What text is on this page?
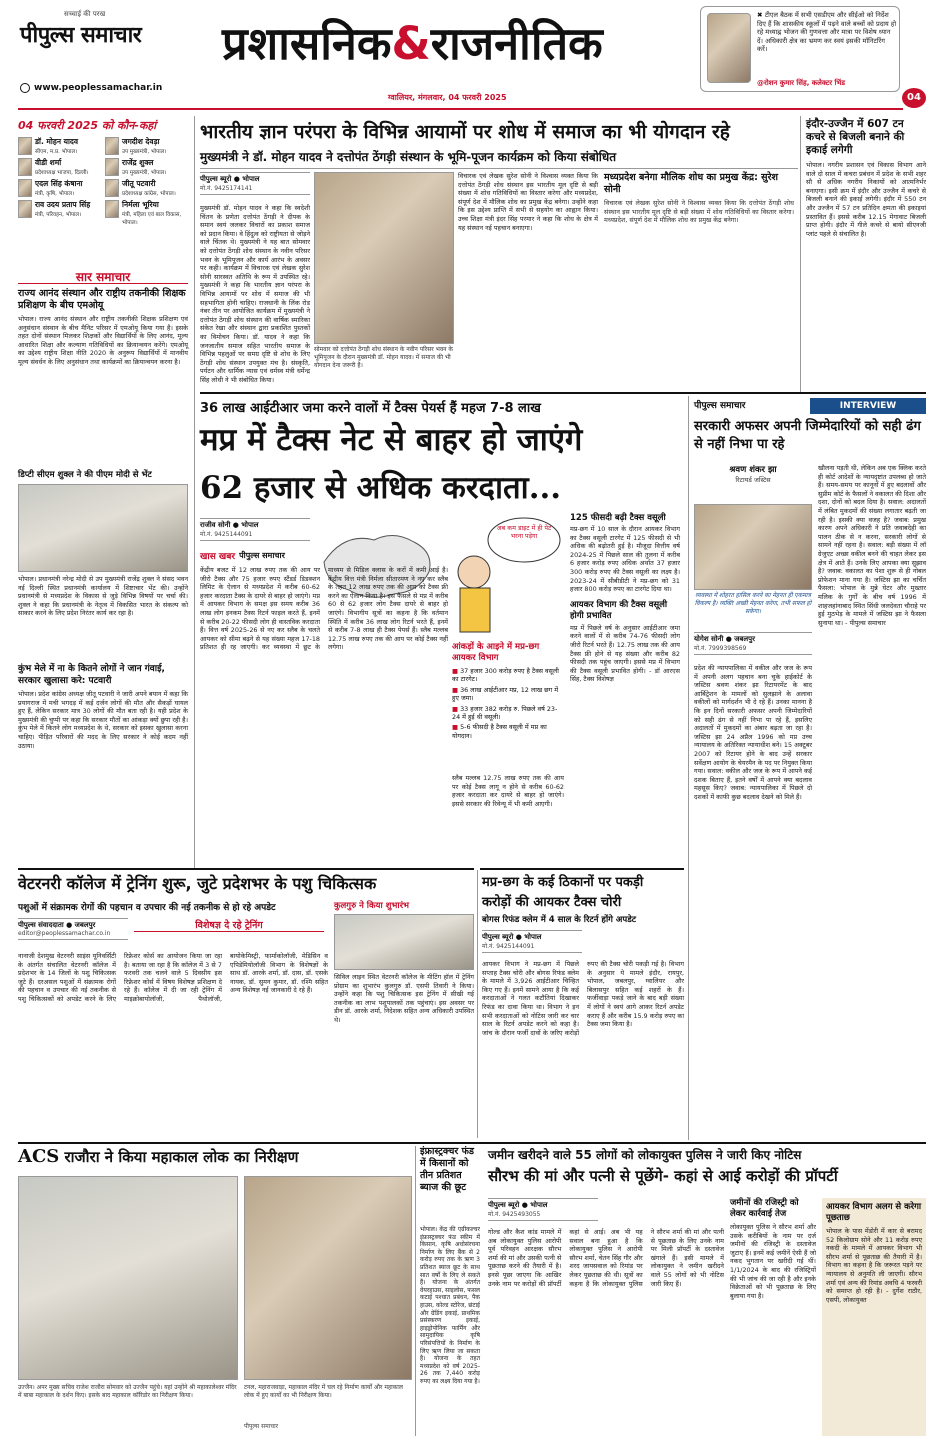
सच्चाई की परख
पीपुल्स समाचार
www.peoplessamachar.in
प्रशासनिक&राजनीतिक
ग्वालियर, मंगलवार, 04 फरवरी 2025
✖ टीएल बैठक में सभी एसडीएम और सीईओ को निर्देश दिए हैं कि शासकीय स्कूलों में पढ़ने वाले बच्चों को प्रदाय हो रहे मध्याह्न भोजन की गुणवत्ता और मात्रा पर विशेष ध्यान दें। अधिकारी क्षेत्र का भ्रमण कर स्वयं इसकी मॉनिटरिंग करें।
@रोशन कुमार सिंह, कलेक्टर भिंड
04
04 फरवरी 2025 को कौन-कहां
डॉ. मोहन यादव
सीएम, म.प्र. भोपाल।
जगदीश देवड़ा
उप मुख्यमंत्री, भोपाल।
वीडी शर्मा
प्रदेशाध्यक्ष भाजपा, दिल्ली।
राजेंद्र शुक्ल
उप मुख्यमंत्री, भोपाल।
एदल सिंह कंषाना
मंत्री, कृषि, भोपाल।
जीतू पटवारी
प्रदेशाध्यक्ष कांग्रेस, भोपाल।
राव उदय प्रताप सिंह
मंत्री, परिवहन, भोपाल।
निर्मला भूरिया
मंत्री, महिला एवं बाल विकास, भोपाल।
सार समाचार
राज्य आनंद संस्थान और राष्ट्रीय तकनीकी शिक्षक प्रशिक्षण के बीच एमओयू
भोपाल। राज्य आनंद संस्थान और राष्ट्रीय तकनीकी शिक्षक प्रशिक्षण एवं अनुसंधान संस्थान के बीच मैनिट परिसर में एमओयू किया गया है। इसके तहत दोनों संस्थान मिलकर शिक्षकों और विद्यार्थियों के लिए आनंद, मूल्य आधारित शिक्षा और कल्याण गतिविधियों का क्रियान्वयन करेंगे। एमओयू का उद्देश्य राष्ट्रीय शिक्षा नीति 2020 के अनुरूप विद्यार्थियों में मानवीय मूल्य संवर्धन के लिए अनुसंधान तथा कार्यक्रमों का क्रियान्वयन करना है।
डिप्टी सीएम शुक्ल ने की पीएम मोदी से भेंट
भोपाल। प्रधानमंत्री नरेन्द्र मोदी से उप मुख्यमंत्री राजेंद्र शुक्ल ने संसद भवन नई दिल्ली स्थित प्रधानमंत्री कार्यालय में शिष्टाचार भेंट की। उन्होंने प्रधानमंत्री से मध्यप्रदेश के विकास से जुड़े विभिन्न विषयों पर चर्चा की। शुक्ल ने कहा कि प्रधानमंत्री के नेतृत्व में विकसित भारत के संकल्प को साकार करने के लिए प्रदेश निरंतर कार्य कर रहा है।
कुंभ मेले में ना के कितने लोगों ने जान गंवाई, सरकार खुलासा करे: पटवारी
भोपाल। प्रदेश कांग्रेस अध्यक्ष जीतू पटवारी ने जारी अपने बयान में कहा कि प्रयागराज में मची भगदड़ में कई दर्जन लोगों की मौत और सैकड़ों घायल हुए हैं, लेकिन सरकार मात्र 30 लोगों की मौत बता रही है। यही प्रदेश के मुख्यमंत्री की चुप्पी पर कहा कि सरकार मौतों का आंकड़ा क्यों छुपा रही है। कुंभ मेले में कितने लोग मध्यप्रदेश के थे, सरकार को इसका खुलासा करना चाहिए। पीड़ित परिवारों की मदद के लिए सरकार ने कोई कदम नहीं उठाया।
भारतीय ज्ञान परंपरा के विभिन्न आयामों पर शोध में समाज का भी योगदान रहे
मुख्यमंत्री ने डॉ. मोहन यादव ने दत्तोपंत ठेंगड़ी संस्थान के भूमि-पूजन कार्यक्रम को किया संबोधित
पीपुल्स ब्यूरो ● भोपाल
मो.नं. 9425174141
मुख्यमंत्री डॉ. मोहन यादव ने कहा कि स्वदेशी चिंतन के प्रणेता दत्तोपंत ठेंगड़ी ने दीपक के समान स्वयं जलकर विचारों का प्रकाश समाज को प्रदान किया। वे हिंदुत्व को राष्ट्रीयता से जोड़ने वाले चिंतक थे। मुख्यमंत्री ने यह बात सोमवार को दत्तोपंत ठेंगड़ी शोध संस्थान के नवीन परिसर भवन के भूमिपूजन और कार्य आरंभ के अवसर पर कही। कार्यक्रम में विचारक एवं लेखक सुरेश सोनी सारस्वत अतिथि के रूप में उपस्थित रहे। मुख्यमंत्री ने कहा कि भारतीय ज्ञान परंपरा के विभिन्न आयामों पर शोध में समाज की भी सहभागिता होनी चाहिए। राजधानी के लिंक रोड नंबर तीन पर आयोजित कार्यक्रम में मुख्यमंत्री ने दत्तोपंत ठेंगड़ी शोध संस्थान की वार्षिक स्मारिका संकेत रेखा और संस्थान द्वारा प्रकाशित पुस्तकों का विमोचन किया। डॉ. यादव ने कहा कि जनजातीय समाज सहित भारतीय समाज के विभिन्न पहलुओं पर समग्र दृष्टि से शोध के लिए ठेंगड़ी शोध संस्थान उपयुक्त मंच है। संस्कृति, पर्यटन और धार्मिक न्यास एवं धर्मस्व मंत्री धर्मेन्द्र सिंह लोधी ने भी संबोधित किया।
विचारक एवं लेखक सुरेश सोनी ने विश्वास व्यक्त किया कि दत्तोपंत ठेंगड़ी शोध संस्थान इस भारतीय मूल दृष्टि से बड़ी संख्या में शोध गतिविधियों का विस्तार करेगा और मध्यप्रदेश, संपूर्ण देश में मौलिक शोध का प्रमुख केंद्र बनेगा। उन्होंने कहा कि इस उद्देश्य प्राप्ति में सभी से सहयोग का आह्वान किया। उच्च शिक्षा मंत्री इंदर सिंह परमार ने कहा कि शोध के क्षेत्र में यह संस्थान नई पहचान बनाएगा।
सोमवार को दत्तोपंत ठेंगड़ी शोध संस्थान के नवीन परिसर भवन के भूमिपूजन के दौरान मुख्यमंत्री डॉ. मोहन यादव। में समाज की भी योगदान देना जरूरी है।
मध्यप्रदेश बनेगा मौलिक शोध का प्रमुख केंद्र: सुरेश सोनी
विचारक एवं लेखक सुरेश सोनी ने विश्वास व्यक्त किया कि दत्तोपंत ठेंगड़ी शोध संस्थान इस भारतीय मूल दृष्टि से बड़ी संख्या में शोध गतिविधियों का विस्तार करेगा। मध्यप्रदेश, संपूर्ण देश में मौलिक शोध का प्रमुख केंद्र बनेगा।
इंदौर-उज्जैन में 607 टन कचरे से बिजली बनाने की इकाई लगेगी
भोपाल। नगरीय प्रशासन एवं विकास विभाग आने वाले दो साल में कचरा प्रबंधन में प्रदेश के सभी शहर सौ से अधिक नगरीय निकायों को आत्मनिर्भर बनाएगा। इसी क्रम में इंदौर और उज्जैन में कचरे से बिजली बनाने की इकाई लगेगी। इंदौर में 550 टन और उज्जैन में 57 टन प्रतिदिन क्षमता की इकाइयां प्रस्तावित हैं। इससे करीब 12.15 मेगावाट बिजली प्राप्त होगी। इंदौर में गीले कचरे से बायो सीएनजी प्लांट पहले से संचालित है।
36 लाख आईटीआर जमा करने वालों में टैक्स पेयर्स हैं महज 7-8 लाख
मप्र में टैक्स नेट से बाहर हो जाएंगे
62 हजार से अधिक करदाता...
राजीव सोनी ● भोपाल
मो.नं. 9425144091
अब कम डाइट में ही पेट भरना पड़ेगा
खास खबर पीपुल्स समाचार
केंद्रीय बजट में 12 लाख रुपए तक की आय पर जीरो टैक्स और 75 हजार रुपए स्टैंडर्ड डिडक्शन लिमिट के ऐलान से मध्यप्रदेश में करीब 60-62 हजार करदाता टैक्स के दायरे से बाहर हो जाएंगे। मप्र में आयकर विभाग के समक्ष इस समय करीब 36 लाख लोग इनकम टैक्स रिटर्न फाइल करते हैं, इनमें से करीब 20-22 फीसदी लोग ही वास्तविक करदाता हैं। वित्त वर्ष 2025-26 से नए कर स्लैब के चलते आयकर को सीमा बढ़ने से यह संख्या महज 17-18 प्रतिशत ही रह जाएगी। कर व्यवस्था में छूट के माध्यम से मिडिल क्लास के करों में कमी आई है। केंद्रीय वित्त मंत्री निर्मला सीतारमण ने नए कर स्लैब के तहत 12 लाख रुपए तक की आय को टैक्स फ्री करने का ऐलान किया है। इस फैसले से मप्र में करीब 60 से 62 हजार लोग टैक्स दायरे से बाहर हो जाएंगे। विभागीय सूत्रों का कहना है कि वर्तमान स्थिति में करीब 36 लाख लोग रिटर्न भरते हैं, इनमें से करीब 7-8 लाख ही टैक्स पेयर्स हैं। स्लैब मल्लब 12.75 लाख रुपए तक की आय पर कोई टैक्स नहीं लगेगा।	आंकड़ों के आइने में मप्र-छग आयकर विभाग
■ 37 हजार 300 करोड़ रुपए है टैक्स वसूली का टारगेट।
■ 36 लाख आईटीआर मप्र, 12 लाख छग में हुए जमा।
■ 33 हजार 382 करोड़ रु. पिछले वर्ष 23-24 में हुई थी वसूली।
■ 5-6 फीसदी है टैक्स वसूली में मप्र का योगदान।
स्लैब मल्लब 12.75 लाख रुपए तक की आय पर कोई टैक्स लागू न होने से करीब 60-62 हजार करदाता कर दायरे से बाहर हो जाएंगे। इससे सरकार की रिवेन्यू में भी कमी आएगी।
125 फीसदी बढ़ी टैक्स वसूली
मप्र-छग में 10 साल के दौरान आयकर विभाग का टैक्स वसूली टारगेट में 125 फीसदी से भी अधिक की बढ़ोतरी हुई है। मौजूदा वित्तीय वर्ष 2024-25 में पिछले साल की तुलना में करीब 6 हजार करोड़ रुपए अधिक अर्थात 37 हजार 300 करोड़ रुपए की टैक्स वसूली का लक्ष्य है। 2023-24 में सीबीडीटी ने मप्र-छग को 31 हजार 800 करोड़ रुपए का टारगेट दिया था।
आयकर विभाग की टैक्स वसूली होगी प्रभावित
मप्र में पिछले वर्ष के अनुसार आईटीआर जमा करने वालों में से करीब 74-76 फीसदी लोग जीरो रिटर्न भरते हैं। 12.75 लाख तक की आय टैक्स फ्री होने से यह संख्या और करीब 82 फीसदी तक पहुंच जाएगी। इससे मप्र में विभाग की टैक्स वसूली प्रभावित होगी। - डॉ आरएस सिंह, टैक्स विशेषज्ञ
पीपुल्स समाचार	INTERVIEW
सरकारी अफसर अपनी जिम्मेदारियों को सही ढंग से नहीं निभा पा रहे
श्रवण शंकर झा
रिटायर्ड जस्टिस
व्यवस्था में शोहरत हासिल करने का मेहनत ही एकमात्र विकल्प है। व्यक्ति अच्छी मेहनत करेगा, तभी सफल हो सकेगा।
योगेश सोनी ● जबलपुर
मो.नं. 7999398569
प्रदेश की न्यायपालिका में वकील और जज के रूप में अपनी अलग पहचान बना चुके हाईकोर्ट के जस्टिस श्रवण शंकर झा रिटायरमेंट के बाद आर्बिट्रेशन के मामलों को सुलझाने के अलावा वकीलों को मार्गदर्शन भी दे रहे हैं। उनका मानना है कि इन दिनों सरकारी अफसर अपनी जिम्मेदारियों को सही ढंग से नहीं निभा पा रहे हैं, इसलिए अदालतों में मुकदमों का अंबार बढ़ता जा रहा है। जस्टिस झा 24 अप्रैल 1996 को मप्र उच्च न्यायालय के अतिरिक्त न्यायाधीश बने। 15 अक्टूबर 2007 को रिटायर होने के बाद उन्हें सरकार सर्वेक्षण आयोग के चेयरमैन के पद पर नियुक्त किया गया। सवाल: वकील और जज के रूप में आपने कई दशक बिताए हैं, इतने वर्षों में आपने क्या बदलाव महसूस किए? जवाब: न्यायपालिका में पिछले दो दशकों में काफी कुछ बदलाव देखने को मिले हैं।
खौलना पड़ती थी, लेकिन अब एक क्लिक करते ही कोर्ट आदेशों के न्यायदृष्टांत उपलब्ध हो जाते हैं। समय-समय पर कानूनों में हुए बदलावों और सुप्रीम कोर्ट के फैसलों ने वकालत की दिशा और दशा, दोनों को बदल दिया है। सवाल: अदालतों में लंबित मुकदमों की संख्या लगातार बढ़ती जा रही है। इसकी क्या वजह है? जवाब: प्रमुख कारण अपने अधिकारी ने प्रति जवाबदेही का पालन ठीक से न करना, सरकारी लोगों से सामने नहीं रहना है। सवाल: बड़ी संख्या में लॉ ग्रेजुएट अच्छा वकील बनने की चाहत लेकर इस क्षेत्र में आते हैं। उनके लिए आपका क्या सुझाव है? जवाब: वकालत का पेशा शुरू से ही नोबल प्रोफेशन माना गया है। जस्टिस झा का चर्चित फैसला: भोपाल के मुन्ने घेटर और मुख्तार मलिक के गुर्गों के बीच वर्ष 1996 में शाहजहांनाबाद स्थित सिंधी जलदेवता चौराहे पर हुई मुठभेड़ के मामले में जस्टिस झा ने फैसला सुनाया था। - पीपुल्स समाचार
वेटरनरी कॉलेज में ट्रेनिंग शुरू, जुटे प्रदेशभर के पशु चिकित्सक
पशुओं में संक्रामक रोगों की पहचान व उपचार की नई तकनीक से हो रहे अपडेट
पीपुल्स संवाददाता ● जबलपुर
editor@peoplessamachar.co.in
विशेषज्ञ दे रहे ट्रेनिंग
नानाजी देशमुख वेटरनरी साइंस यूनिवर्सिटी के अंतर्गत संचालित वेटरनरी कॉलेज में प्रदेशभर के 14 जिलों के पशु चिकित्सक जुटे हैं। दरअसल पशुओं में संक्रामक रोगों की पहचान व उपचार की नई तकनीक से पशु चिकित्सकों को अपडेट करने के लिए रिफ्रेशर कोर्स का आयोजन किया जा रहा है। बताया जा रहा है कि कॉलेज में 3 से 7 फरवरी तक चलने वाले 5 दिवसीय इस रिफ्रेशर कोर्स में विषय विशेषज्ञ प्रशिक्षण दे रहे हैं। कॉलेज में दी जा रही ट्रेनिंग में माइक्रोबायोलॉजी, पैथोलॉजी, बायोकेमिस्ट्री, फार्माकोलॉजी, मेडिसिन व एपिडेमियोलॉजी विभाग के विशेषज्ञों के साथ डॉ. आरके शर्मा, डॉ. दास, डॉ. एसके नायक, डॉ. सुमन कुमार, डॉ. रश्मि सहित अन्य विशेषज्ञ नई जानकारी दे रहे हैं।
कुलगुरु ने किया शुभारंभ
सिविल लाइन स्थित वेटरनरी कॉलेज के मीटिंग हॉल में ट्रेनिंग प्रोग्राम का शुभारंभ कुलगुरु डॉ. एसपी तिवारी ने किया। उन्होंने कहा कि पशु चिकित्सक इस ट्रेनिंग में सीखी गई तकनीक का लाभ पशुपालकों तक पहुंचाएं। इस अवसर पर डीन डॉ. आरके शर्मा, निदेशक सहित अन्य अधिकारी उपस्थित थे।
मप्र-छग के कई ठिकानों पर पकड़ी
करोड़ों की आयकर टैक्स चोरी
बोगस रिफंड क्लेम में 4 साल के रिटर्न होंगे अपडेट
पीपुल्स ब्यूरो ● भोपाल
मो.नं. 9425144091
आयकर विभाग ने मप्र-छग में पिछले सप्ताह टैक्स चोरी और बोगस रिफंड क्लेम के मामले में 3,926 आईटीआर चिन्हित किए गए हैं। इनमें सामने आया है कि कई करदाताओं ने गलत कटौतियां दिखाकर रिफंड का दावा किया था। विभाग ने इन सभी करदाताओं को नोटिस जारी कर चार साल के रिटर्न अपडेट करने को कहा है। जांच के दौरान फर्जी दावों के जरिए करोड़ों रुपए की टैक्स चोरी पकड़ी गई है। विभाग के अनुसार ये मामले इंदौर, रायपुर, भोपाल, जबलपुर, ग्वालियर और बिलासपुर सहित कई शहरों के हैं। फर्जीवाड़ा पकड़े जाने के बाद बड़ी संख्या में लोगों ने स्वयं आगे आकर रिटर्न अपडेट कराए हैं और करीब 15.9 करोड़ रुपए का टैक्स जमा किया है।
ACS राजौरा ने किया महाकाल लोक का निरीक्षण
उज्जैन। अपर मुख्य सचिव राजेश राजौरा सोमवार को उज्जैन पहुंचे। यहां उन्होंने श्री महाकालेश्वर मंदिर में बाबा महाकाल के दर्शन किए। इसके बाद महाकाल कॉरिडोर का निरीक्षण किया।
टनल, महाराजवाड़ा, महाकाल मंदिर में चल रहे निर्माण कार्यों और महाकाल लोक में हुए कार्यों का भी निरीक्षण किया।
पीपुल्स समाचार
इंफ्रास्ट्रक्चर फंड में किसानों को तीन प्रतिशत ब्याज की छूट
भोपाल। केंद्र की एग्रीकल्चर इंफ्रास्ट्रक्चर फंड स्कीम में किसान, कृषि अधोसंरचना निर्माण के लिए बैंक से 2 करोड़ रुपए तक के ऋण 3 प्रतिशत ब्याज छूट के साथ सात वर्षों के लिए ले सकते हैं। योजना के अंतर्गत वेयरहाउस, साइलोस, फसल कटाई पश्चात प्रबंधन, पैक हाउस, कोल्ड स्टोरेज, छंटाई और ग्रेडिंग इकाई, प्राथमिक प्रसंस्करण इकाई, हाइड्रोपोनिक फार्मिंग और सामुदायिक कृषि परिसंपत्तियों के निर्माण के लिए ऋण लिया जा सकता है। योजना के तहत मध्यप्रदेश को वर्ष 2025-26 तक 7,440 करोड़ रुपए का लक्ष्य दिया गया है।
जमीन खरीदने वाले 55 लोगों को लोकायुक्त पुलिस ने जारी किए नोटिस
सौरभ की मां और पत्नी से पूछेंगे- कहां से आई करोड़ों की प्रॉपर्टी
पीपुल्स ब्यूरो ● भोपाल
मो.नं. 9425493055
गोल्ड और कैश कांड मामले में अब लोकायुक्त पुलिस आरोपी पूर्व परिवहन आरक्षक सौरभ शर्मा की मां और उसकी पत्नी से पूछताछ करने की तैयारी में है। इनसे पूछा जाएगा कि आखिर उनके नाम पर करोड़ों की प्रॉपर्टी कहां से आई। अब भी यह सवाल बना हुआ है कि लोकायुक्त पुलिस ने आरोपी सौरभ शर्मा, चेतन सिंह गौर और शरद जायसवाल को रिमांड पर लेकर पूछताछ की थी। सूत्रों का कहना है कि लोकायुक्त पुलिस ने सौरभ शर्मा की मां और पत्नी से पूछताछ के लिए उनके नाम पर मिली प्रॉपर्टी के दस्तावेज खंगाले हैं। इसी मामले में लोकायुक्त ने जमीन खरीदने वाले 55 लोगों को भी नोटिस जारी किए हैं।
जमीनों की रजिस्ट्री को लेकर कार्रवाई तेज
लोकायुक्त पुलिस ने सौरभ शर्मा और उसके करीबियों के नाम पर दर्ज जमीनों की रजिस्ट्री के दस्तावेज जुटाए हैं। इनमें कई जमीनें ऐसी हैं जो नकद भुगतान पर खरीदी गई थीं। 1/1/2024 के बाद की रजिस्ट्रियों की भी जांच की जा रही है और इनके विक्रेताओं को भी पूछताछ के लिए बुलाया गया है।
आयकर विभाग अलग से करेगा पूछताछ
भोपाल के पास मेंडोरी में कार से बरामद 52 किलोग्राम सोने और 11 करोड़ रुपए नकदी के मामले में आयकर विभाग भी सौरभ शर्मा से पूछताछ की तैयारी में है। विभाग का कहना है कि जरूरत पड़ने पर न्यायालय से अनुमति ली जाएगी। सौरभ शर्मा एवं अन्य की रिमांड अवधि 4 फरवरी को समाप्त हो रही है। - दुर्गेश राठौर, एसपी, लोकायुक्त
